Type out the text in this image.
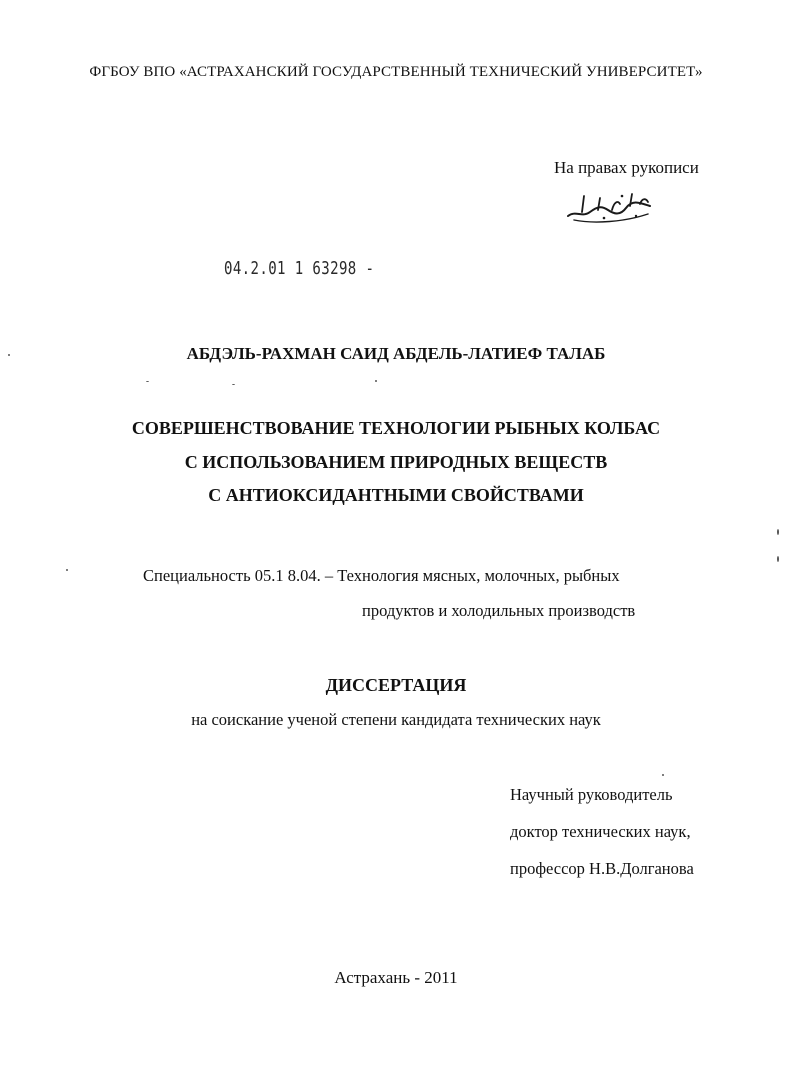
ФГБОУ ВПО «АСТРАХАНСКИЙ ГОСУДАРСТВЕННЫЙ ТЕХНИЧЕСКИЙ УНИВЕРСИТЕТ»
На правах рукописи
04.2.01 1 63298 -
АБДЭЛЬ-РАХМАН САИД АБДЕЛЬ-ЛАТИЕФ ТАЛАБ
СОВЕРШЕНСТВОВАНИЕ ТЕХНОЛОГИИ РЫБНЫХ КОЛБАС
С ИСПОЛЬЗОВАНИЕМ ПРИРОДНЫХ ВЕЩЕСТВ
С АНТИОКСИДАНТНЫМИ СВОЙСТВАМИ
Специальность 05.1 8.04. – Технология мясных, молочных, рыбных
продуктов и холодильных производств
ДИССЕРТАЦИЯ
на соискание ученой степени кандидата технических наук
Научный руководитель
доктор технических наук,
профессор Н.В.Долганова
Астрахань - 2011
